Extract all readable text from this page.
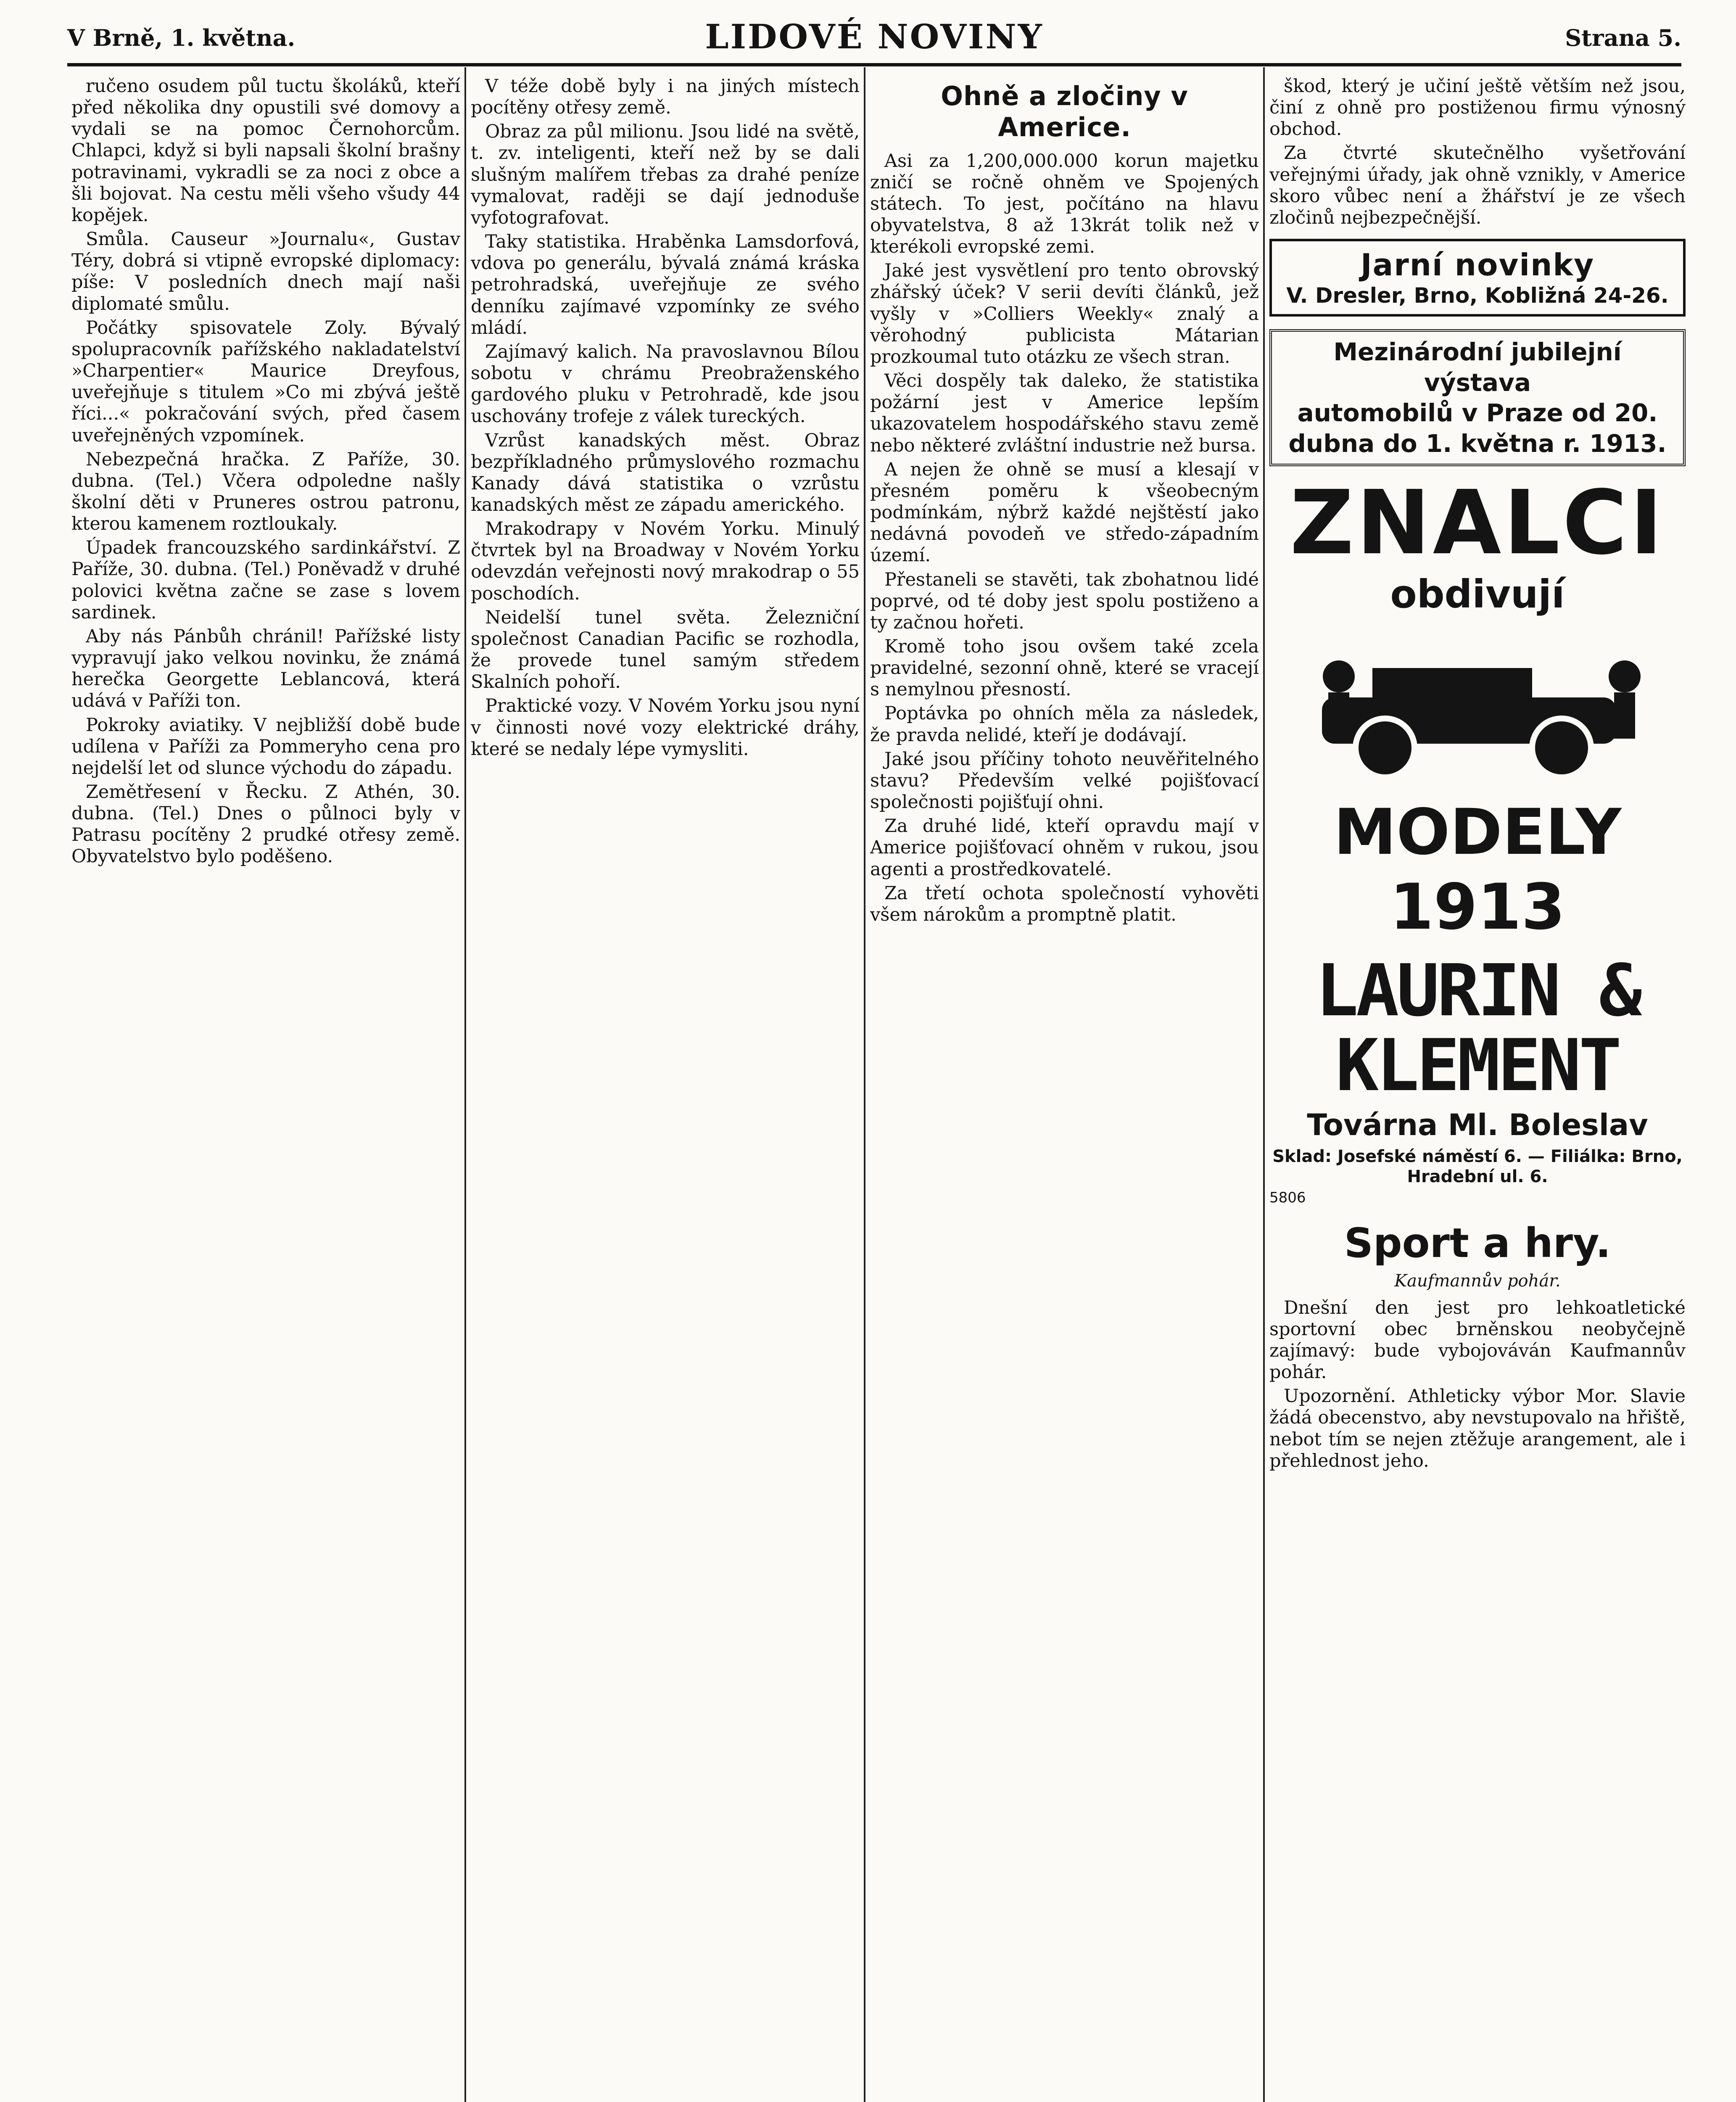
V Brně, 1. května.	LIDOVÉ NOVINY	Strana 5.

ručeno osudem půl tuctu školáků, kteří před několika dny opustili své domovy a vydali se na pomoc Černohorcům. Chlapci, když si byli napsali školní brašny potravinami, vykradli se za noci z obce a šli bojovat. Na cestu měli všeho všudy 44 kopějek.

Smůla. Causeur »Journalu«, Gustav Téry, dobrá si vtipně evropské diplomacy: píše: V posledních dnech mají naši diplomaté smůlu.

Počátky spisovatele Zoly. Bývalý spolupracovník pařížského nakladatelství »Charpentier« Maurice Dreyfous, uveřejňuje s titulem »Co mi zbývá ještě říci...« pokračování svých, před časem uveřejněných vzpomínek.

Nebezpečná hračka. Z Paříže, 30. dubna. (Tel.) Včera odpoledne našly školní děti v Pruneres ostrou patronu, kterou kamenem roztloukaly.

Úpadek francouzského sardinkářství. Z Paříže, 30. dubna. (Tel.) Poněvadž v druhé polovici května začne se zase s lovem sardinek.

Aby nás Pánbůh chránil! Pařížské listy vypravují jako velkou novinku, že známá herečka Georgette Leblancová, která udává v Paříži ton.

Pokroky aviatiky. V nejbližší době bude udílena v Paříži za Pommeryho cena pro nejdelší let od slunce východu do západu.

Zemětřesení v Řecku. Z Athén, 30. dubna. (Tel.) Dnes o půlnoci byly v Patrasu pocítěny 2 prudké otřesy země. Obyvatelstvo bylo poděšeno.

V téže době byly i na jiných místech pocítěny otřesy země.

Obraz za půl milionu. Jsou lidé na světě, t. zv. inteligenti, kteří než by se dali slušným malířem třebas za drahé peníze vymalovat, raději se dají jednoduše vyfotografovat.

Taky statistika. Hraběnka Lamsdorfová, vdova po generálu, bývalá známá kráska petrohradská, uveřejňuje ze svého denníku zajímavé vzpomínky ze svého mládí.

Zajímavý kalich. Na pravoslavnou Bílou sobotu v chrámu Preobraženského gardového pluku v Petrohradě, kde jsou uschovány trofeje z válek tureckých.

Vzrůst kanadských měst. Obraz bezpříkladného průmyslového rozmachu Kanady dává statistika o vzrůstu kanadských měst ze západu amerického.

Mrakodrapy v Novém Yorku. Minulý čtvrtek byl na Broadway v Novém Yorku odevzdán veřejnosti nový mrakodrap o 55 poschodích.

Neidelší tunel světa. Železniční společnost Canadian Pacific se rozhodla, že provede tunel samým středem Skalních pohoří.

Praktické vozy. V Novém Yorku jsou nyní v činnosti nové vozy elektrické dráhy, které se nedaly lépe vymysliti.

Ohně a zločiny v Americe.

Asi za 1,200,000.000 korun majetku zničí se ročně ohněm ve Spojených státech. To jest, počítáno na hlavu obyvatelstva, 8 až 13krát tolik než v kterékoli evropské zemi.

Jaké jest vysvětlení pro tento obrovský zhářský úček? V serii devíti článků, jež vyšly v »Colliers Weekly« znalý a věrohodný publicista Mátarian prozkoumal tuto otázku ze všech stran.

Věci dospěly tak daleko, že statistika požární jest v Americe lepším ukazovatelem hospodářského stavu země nebo některé zvláštní industrie než bursa.

A nejen že ohně se musí a klesají v přesném poměru k všeobecným podmínkám, nýbrž každé nejštěstí jako nedávná povodeň ve středo-západním území.

Přestaneli se stavěti, tak zbohatnou lidé poprvé, od té doby jest spolu postiženo a ty začnou hořeti.

Kromě toho jsou ovšem také zcela pravidelné, sezonní ohně, které se vracejí s nemylnou přesností.

Poptávka po ohních měla za následek, že pravda nelidé, kteří je dodávají.

Jaké jsou příčiny tohoto neuvěřitelného stavu? Především velké pojišťovací společnosti pojišťují ohni.

Za druhé lidé, kteří opravdu mají v Americe pojišťovací ohněm v rukou, jsou agenti a prostředkovatelé.

Za třetí ochota společností vyhověti všem nárokům a promptně platit.

škod, který je učiní ještě větším než jsou, činí z ohně pro postiženou firmu výnosný obchod.

Za čtvrté skutečnělho vyšetřování veřejnými úřady, jak ohně vznikly, v Americe skoro vůbec není a žhářství je ze všech zločinů nejbezpečnější.

Jarní novinky
V. Dresler, Brno, Kobližná 24-26.
Mezinárodní jubilejní výstava
automobilů v Praze od 20.
dubna do 1. května r. 1913.
ZNALCI
obdivují
MODELY 1913
LAURIN & KLEMENT
Továrna Ml. Boleslav
Sklad: Josefské náměstí 6. — Filiálka: Brno, Hradební ul. 6.
5806
Sport a hry.
Kaufmannův pohár.

Dnešní den jest pro lehkoatletické sportovní obec brněnskou neobyčejně zajímavý: bude vybojováván Kaufmannův pohár.

Upozornění. Athleticky výbor Mor. Slavie žádá obecenstvo, aby nevstupovalo na hřiště, nebot tím se nejen ztěžuje arangement, ale i přehlednost jeho.
